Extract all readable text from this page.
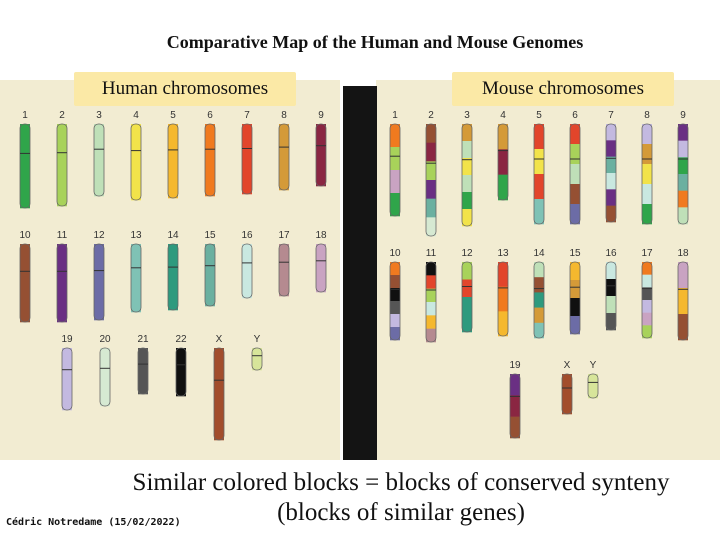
Comparative Map of the Human and Mouse Genomes
Human chromosomes	Mouse chromosomes
1	2	3	4	5	6	7	8	9
10	11	12	13	14	15	16	17	18
19	20	21	22	X	Y
1	2	3	4	5	6	7	8	9
10	11	12 13 14 15 16 17 18
19	X Y
Similar colored blocks = blocks of conserved synteny
(blocks of similar genes)
Cédric Notredame (15/02/2022)
